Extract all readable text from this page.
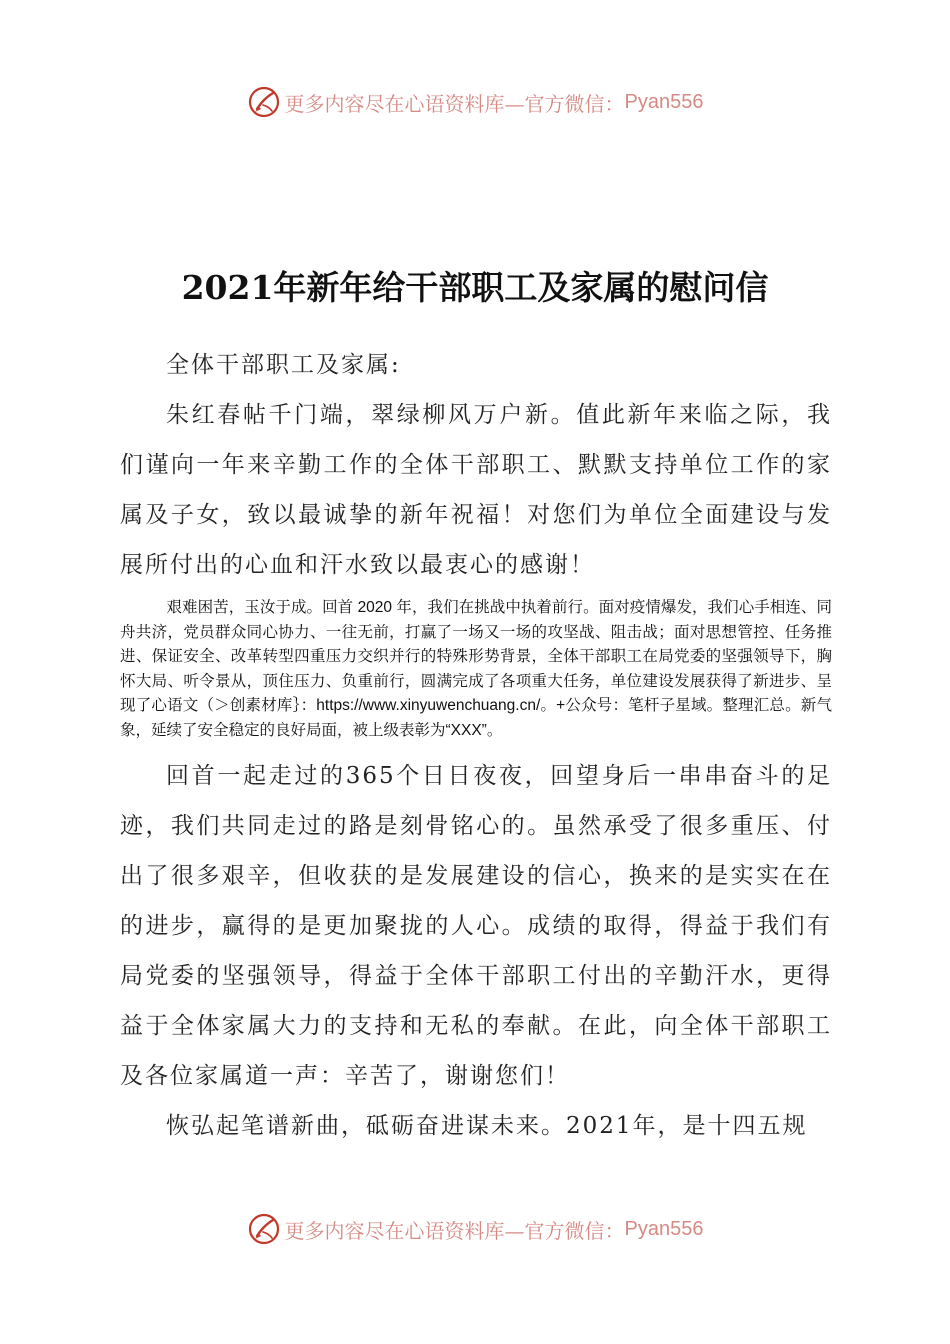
更多内容尽在心语资料库—官方微信： Pyan556
2021年新年给干部职工及家属的慰问信

全体干部职工及家属:

朱红春帖千门端，翠绿柳风万户新。值此新年来临之际，我们谨向一年来辛勤工作的全体干部职工、默默支持单位工作的家属及子女，致以最诚挚的新年祝福！对您们为单位全面建设与发展所付出的心血和汗水致以最衷心的感谢！

艰难困苦，玉汝于成。回首 2020 年，我们在挑战中执着前行。面对疫情爆发，我们心手相连、同舟共济，党员群众同心协力、一往无前，打赢了一场又一场的攻坚战、阻击战；面对思想管控、任务推进、保证安全、改革转型四重压力交织并行的特殊形势背景，全体干部职工在局党委的坚强领导下，胸怀大局、听令景从，顶住压力、负重前行，圆满完成了各项重大任务，单位建设发展获得了新进步、呈现了心语文（＞创素材库｝：https://www.xinyuwenchuang.cn/。+公众号：笔杆子星域。整理汇总。新气象，延续了安全稳定的良好局面，被上级表彰为“XXX”。

回首一起走过的365个日日夜夜，回望身后一串串奋斗的足迹，我们共同走过的路是刻骨铭心的。虽然承受了很多重压、付出了很多艰辛，但收获的是发展建设的信心，换来的是实实在在的进步，赢得的是更加聚拢的人心。成绩的取得，得益于我们有局党委的坚强领导，得益于全体干部职工付出的辛勤汗水，更得益于全体家属大力的支持和无私的奉献。在此，向全体干部职工及各位家属道一声：辛苦了，谢谢您们！

恢弘起笔谱新曲，砥砺奋进谋未来。2021年，是十四五规

更多内容尽在心语资料库—官方微信： Pyan556
